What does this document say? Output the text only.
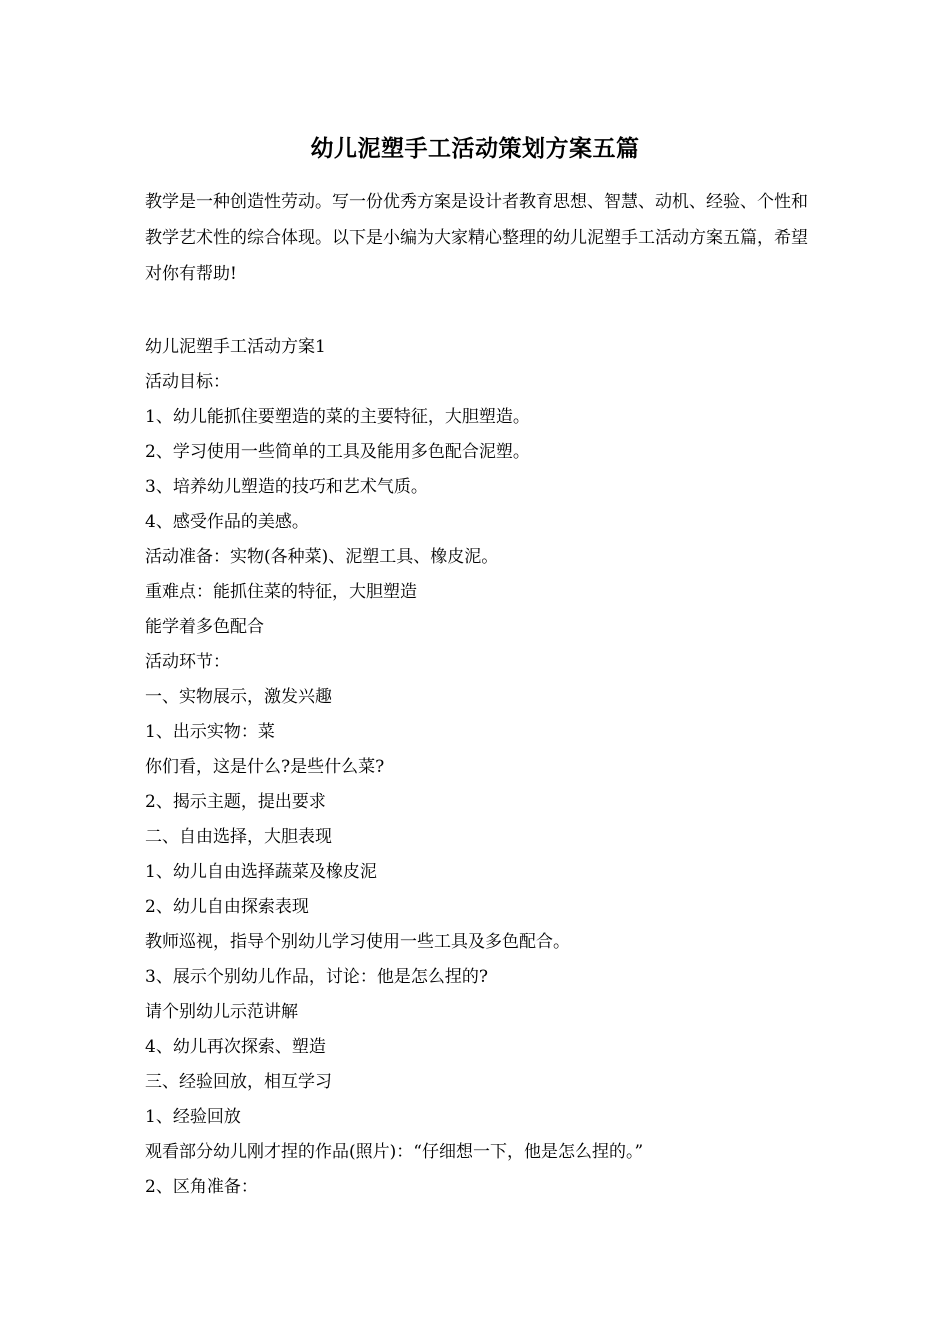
幼儿泥塑手工活动策划方案五篇

教学是一种创造性劳动。写一份优秀方案是设计者教育思想、智慧、动机、经验、个性和教学艺术性的综合体现。以下是小编为大家精心整理的幼儿泥塑手工活动方案五篇，希望对你有帮助!

幼儿泥塑手工活动方案1
活动目标：
1、幼儿能抓住要塑造的菜的主要特征，大胆塑造。
2、学习使用一些简单的工具及能用多色配合泥塑。
3、培养幼儿塑造的技巧和艺术气质。
4、感受作品的美感。
活动准备：实物(各种菜)、泥塑工具、橡皮泥。
重难点：能抓住菜的特征，大胆塑造
能学着多色配合
活动环节：
一、实物展示，激发兴趣
1、出示实物：菜
你们看，这是什么?是些什么菜?
2、揭示主题，提出要求
二、自由选择，大胆表现
1、幼儿自由选择蔬菜及橡皮泥
2、幼儿自由探索表现
教师巡视，指导个别幼儿学习使用一些工具及多色配合。
3、展示个别幼儿作品，讨论：他是怎么捏的?
请个别幼儿示范讲解
4、幼儿再次探索、塑造
三、经验回放，相互学习
1、经验回放
观看部分幼儿刚才捏的作品(照片)：“仔细想一下，他是怎么捏的。”
2、区角准备：
